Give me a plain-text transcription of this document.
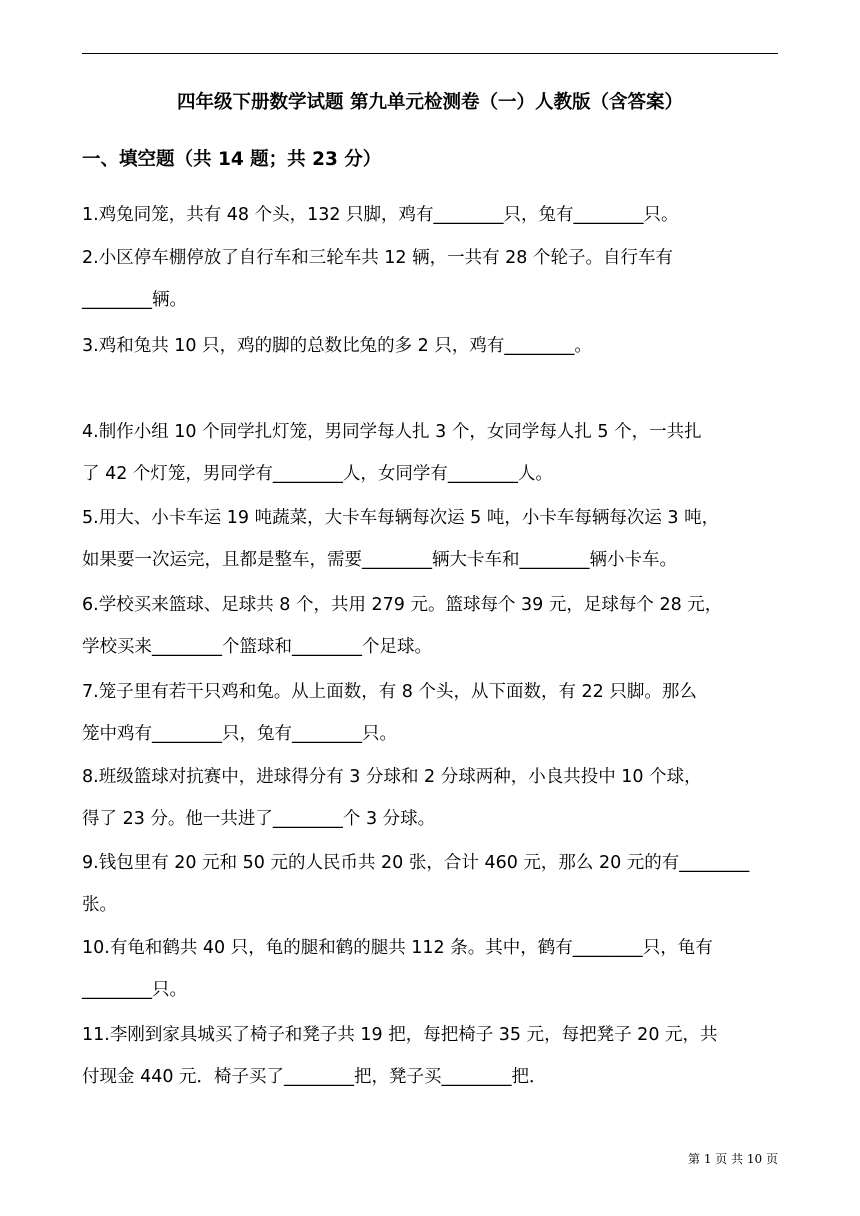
四年级下册数学试题 第九单元检测卷（一）人教版（含答案）
一、填空题（共 14 题；共 23 分）
1.鸡兔同笼，共有 48 个头，132 只脚，鸡有________只，兔有________只。
2.小区停车棚停放了自行车和三轮车共 12 辆，一共有 28 个轮子。自行车有
________辆。
3.鸡和兔共 10 只，鸡的脚的总数比兔的多 2 只，鸡有________。
4.制作小组 10 个同学扎灯笼，男同学每人扎 3 个，女同学每人扎 5 个，一共扎
了 42 个灯笼，男同学有________人，女同学有________人。
5.用大、小卡车运 19 吨蔬菜，大卡车每辆每次运 5 吨，小卡车每辆每次运 3 吨，
如果要一次运完，且都是整车，需要________辆大卡车和________辆小卡车。
6.学校买来篮球、足球共 8 个，共用 279 元。篮球每个 39 元，足球每个 28 元，
学校买来________个篮球和________个足球。
7.笼子里有若干只鸡和兔。从上面数，有 8 个头，从下面数，有 22 只脚。那么
笼中鸡有________只，兔有________只。
8.班级篮球对抗赛中，进球得分有 3 分球和 2 分球两种，小良共投中 10 个球，
得了 23 分。他一共进了________个 3 分球。
9.钱包里有 20 元和 50 元的人民币共 20 张，合计 460 元，那么 20 元的有________
张。
10.有龟和鹤共 40 只，龟的腿和鹤的腿共 112 条。其中，鹤有________只，龟有
________只。
11.李刚到家具城买了椅子和凳子共 19 把，每把椅子 35 元，每把凳子 20 元，共
付现金 440 元．椅子买了________把，凳子买________把．
第 1 页 共 10 页
